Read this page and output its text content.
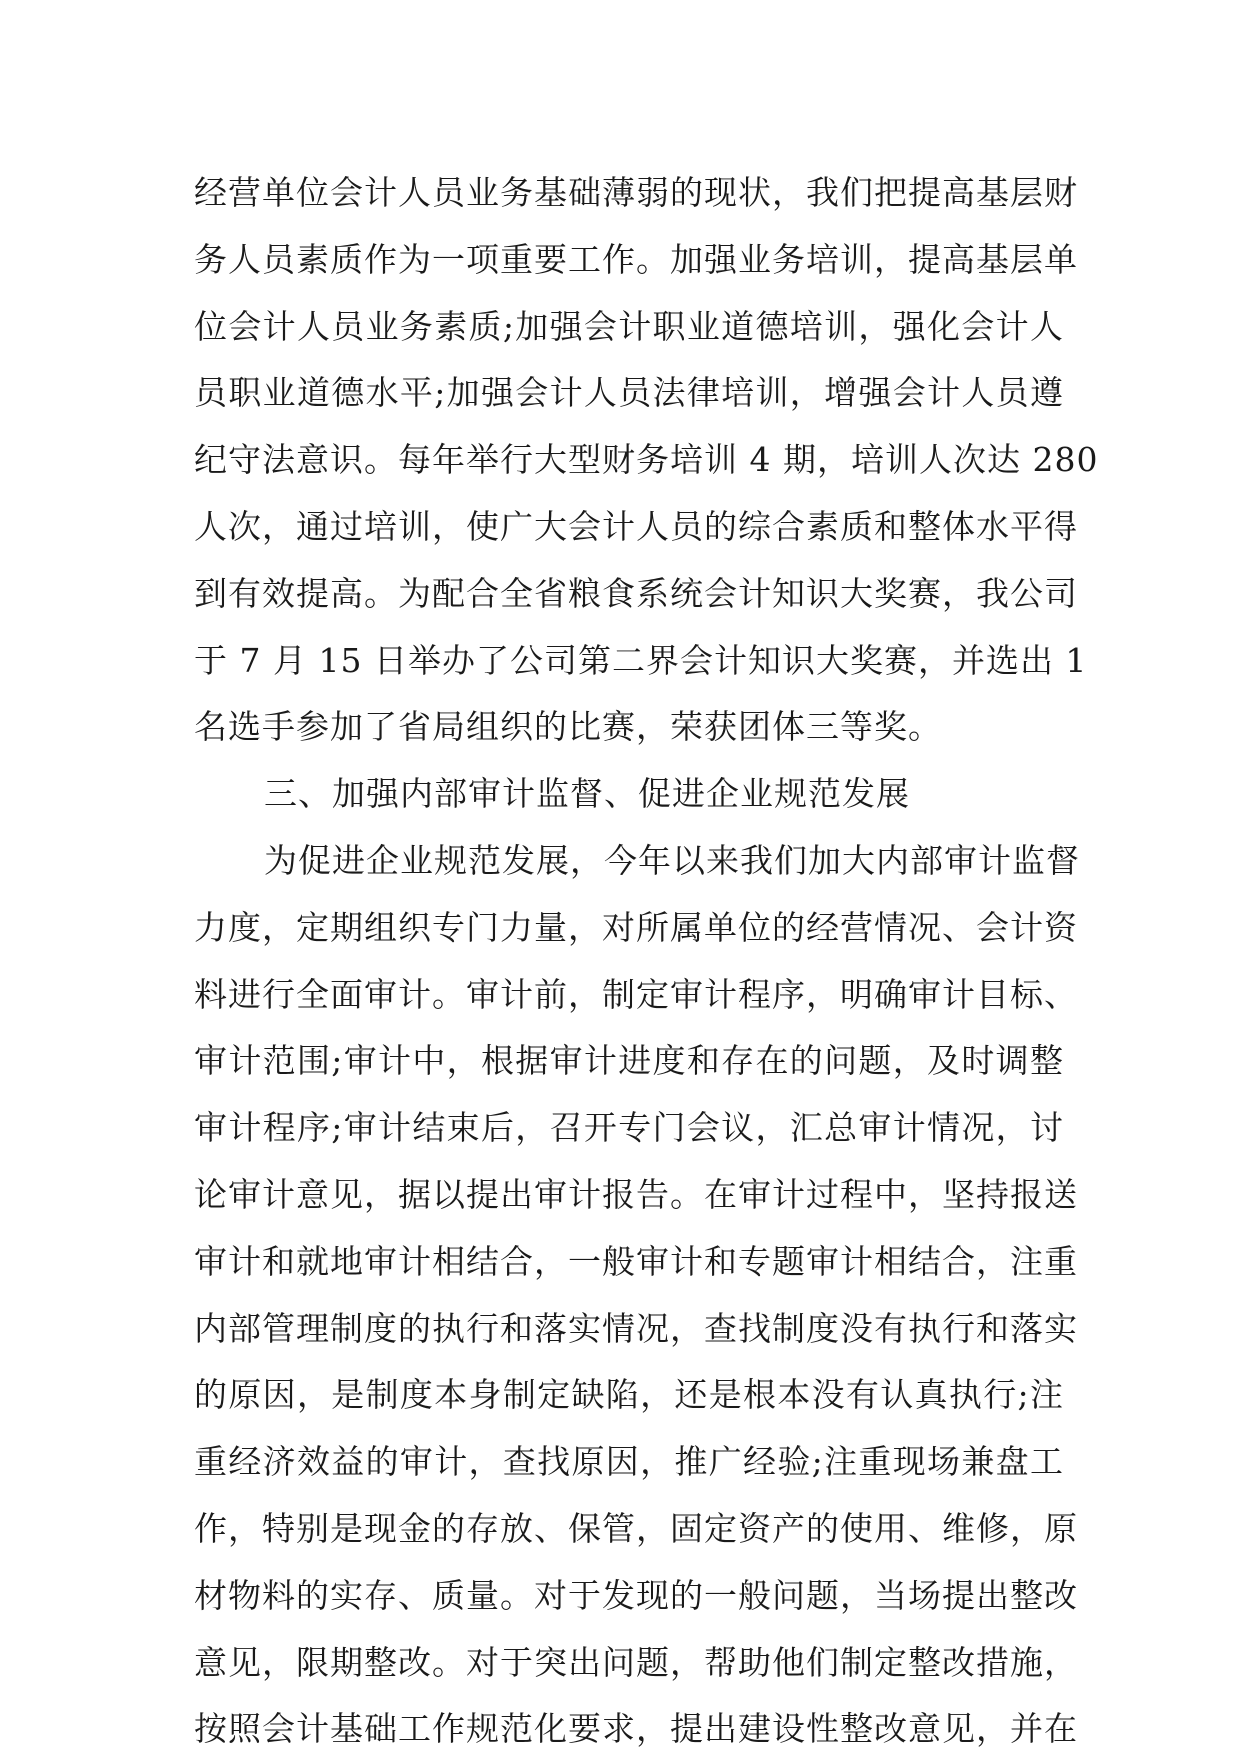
经营单位会计人员业务基础薄弱的现状，我们把提高基层财
务人员素质作为一项重要工作。加强业务培训，提高基层单
位会计人员业务素质;加强会计职业道德培训，强化会计人
员职业道德水平;加强会计人员法律培训，增强会计人员遵
纪守法意识。每年举行大型财务培训 4 期，培训人次达 280
人次，通过培训，使广大会计人员的综合素质和整体水平得
到有效提高。为配合全省粮食系统会计知识大奖赛，我公司
于 7 月 15 日举办了公司第二界会计知识大奖赛，并选出 1
名选手参加了省局组织的比赛，荣获团体三等奖。
三、加强内部审计监督、促进企业规范发展
为促进企业规范发展，今年以来我们加大内部审计监督
力度，定期组织专门力量，对所属单位的经营情况、会计资
料进行全面审计。审计前，制定审计程序，明确审计目标、
审计范围;审计中，根据审计进度和存在的问题，及时调整
审计程序;审计结束后，召开专门会议，汇总审计情况，讨
论审计意见，据以提出审计报告。在审计过程中，坚持报送
审计和就地审计相结合，一般审计和专题审计相结合，注重
内部管理制度的执行和落实情况，查找制度没有执行和落实
的原因，是制度本身制定缺陷，还是根本没有认真执行;注
重经济效益的审计，查找原因，推广经验;注重现场兼盘工
作，特别是现金的存放、保管，固定资产的使用、维修，原
材物料的实存、质量。对于发现的一般问题，当场提出整改
意见，限期整改。对于突出问题，帮助他们制定整改措施，
按照会计基础工作规范化要求，提出建设性整改意见，并在
